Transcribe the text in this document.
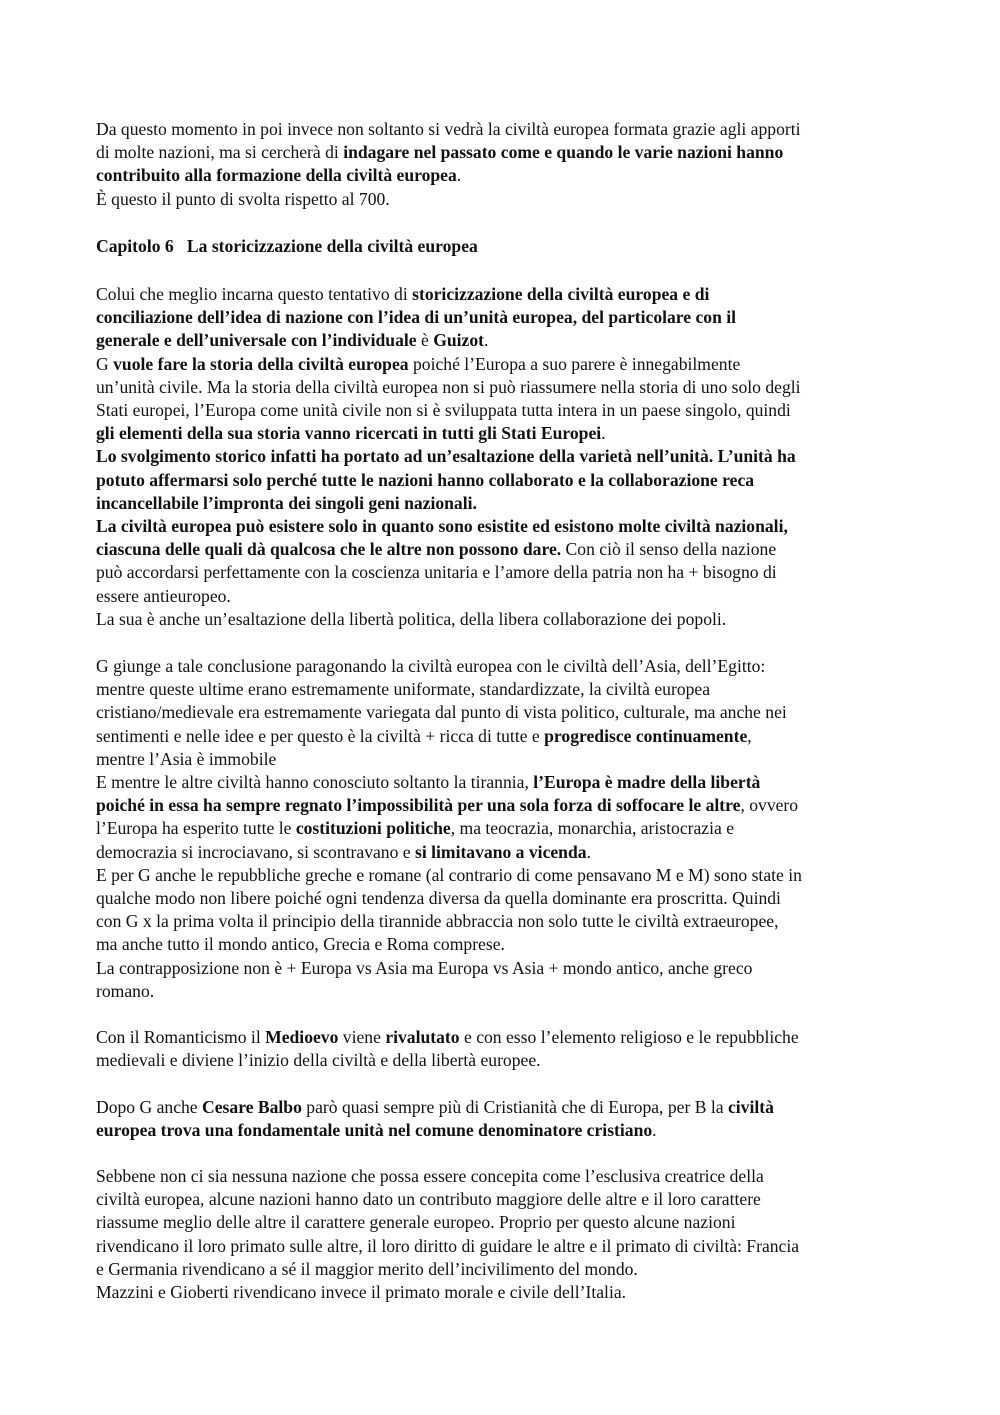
Da questo momento in poi invece non soltanto si vedrà la civiltà europea formata grazie agli apporti
di molte nazioni, ma si cercherà di indagare nel passato come e quando le varie nazioni hanno
contribuito alla formazione della civiltà europea.
È questo il punto di svolta rispetto al 700.

Capitolo 6   La storicizzazione della civiltà europea

Colui che meglio incarna questo tentativo di storicizzazione della civiltà europea e di
conciliazione dell’idea di nazione con l’idea di un’unità europea, del particolare con il
generale e dell’universale con l’individuale è Guizot.
G vuole fare la storia della civiltà europea poiché l’Europa a suo parere è innegabilmente
un’unità civile. Ma la storia della civiltà europea non si può riassumere nella storia di uno solo degli
Stati europei, l’Europa come unità civile non si è sviluppata tutta intera in un paese singolo, quindi
gli elementi della sua storia vanno ricercati in tutti gli Stati Europei.
Lo svolgimento storico infatti ha portato ad un’esaltazione della varietà nell’unità. L’unità ha
potuto affermarsi solo perché tutte le nazioni hanno collaborato e la collaborazione reca
incancellabile l’impronta dei singoli geni nazionali.
La civiltà europea può esistere solo in quanto sono esistite ed esistono molte civiltà nazionali,
ciascuna delle quali dà qualcosa che le altre non possono dare. Con ciò il senso della nazione
può accordarsi perfettamente con la coscienza unitaria e l’amore della patria non ha + bisogno di
essere antieuropeo.
La sua è anche un’esaltazione della libertà politica, della libera collaborazione dei popoli.

G giunge a tale conclusione paragonando la civiltà europea con le civiltà dell’Asia, dell’Egitto:
mentre queste ultime erano estremamente uniformate, standardizzate, la civiltà europea
cristiano/medievale era estremamente variegata dal punto di vista politico, culturale, ma anche nei
sentimenti e nelle idee e per questo è la civiltà + ricca di tutte e progredisce continuamente,
mentre l’Asia è immobile
E mentre le altre civiltà hanno conosciuto soltanto la tirannia, l’Europa è madre della libertà
poiché in essa ha sempre regnato l’impossibilità per una sola forza di soffocare le altre, ovvero
l’Europa ha esperito tutte le costituzioni politiche, ma teocrazia, monarchia, aristocrazia e
democrazia si incrociavano, si scontravano e si limitavano a vicenda.
E per G anche le repubbliche greche e romane (al contrario di come pensavano M e M) sono state in
qualche modo non libere poiché ogni tendenza diversa da quella dominante era proscritta. Quindi
con G x la prima volta il principio della tirannide abbraccia non solo tutte le civiltà extraeuropee,
ma anche tutto il mondo antico, Grecia e Roma comprese.
La contrapposizione non è + Europa vs Asia ma Europa vs Asia + mondo antico, anche greco
romano.

Con il Romanticismo il Medioevo viene rivalutato e con esso l’elemento religioso e le repubbliche
medievali e diviene l’inizio della civiltà e della libertà europee.

Dopo G anche Cesare Balbo parò quasi sempre più di Cristianità che di Europa, per B la civiltà
europea trova una fondamentale unità nel comune denominatore cristiano.

Sebbene non ci sia nessuna nazione che possa essere concepita come l’esclusiva creatrice della
civiltà europea, alcune nazioni hanno dato un contributo maggiore delle altre e il loro carattere
riassume meglio delle altre il carattere generale europeo. Proprio per questo alcune nazioni
rivendicano il loro primato sulle altre, il loro diritto di guidare le altre e il primato di civiltà: Francia
e Germania rivendicano a sé il maggior merito dell’incivilimento del mondo.
Mazzini e Gioberti rivendicano invece il primato morale e civile dell’Italia.
